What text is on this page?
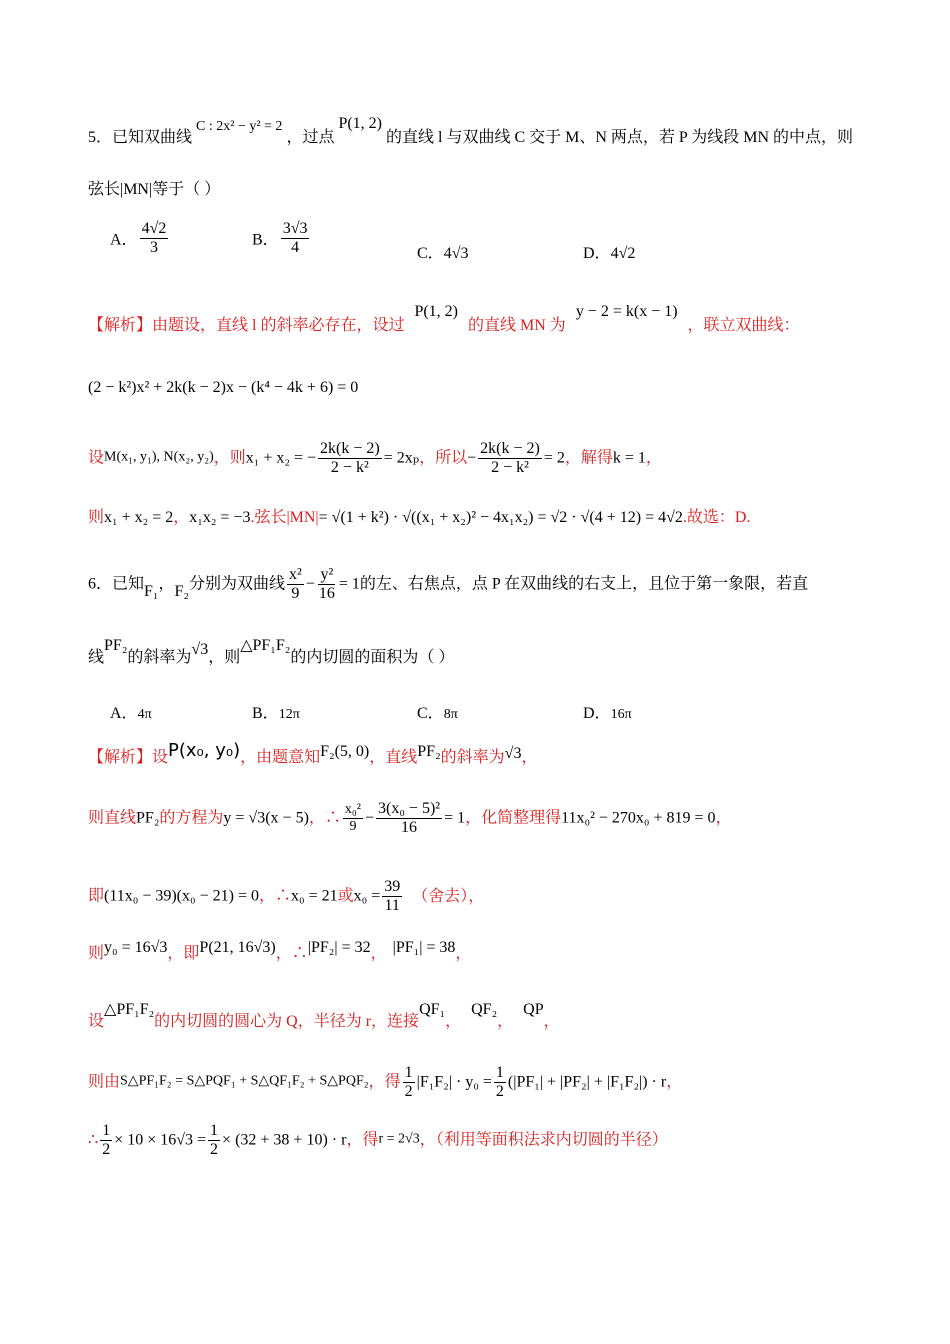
5．已知双曲线C : 2x² − y² = 2，过点P(1, 2)的直线 l 与双曲线 C 交于 M、N 两点，若 P 为线段 MN 的中点，则
弦长|MN|等于（ ）
A． $\frac{4√2}{3}$	B． $\frac{3√3}{4}$	C．4√3	D．4√2
【解析】由题设，直线 l 的斜率必存在，设过P(1, 2)的直线 MN 为y − 2 = k(x − 1)，联立双曲线：
(2 − k²)x² + 2k(k − 2)x − (k⁴ − 4k + 6) = 0
设M(x₁, y₁), N(x₂, y₂)，则x₁ + x₂ = − $\frac{2k(k - 2)}{\text{2 − k²}} = 2x_p$，所以− $\frac{2k(k - 2)}{\text{2 − k²}} = 2$，解得k = 1，
则x₁ + x₂ = 2，x₁x₂ = −3.弦长|MN|= √(1 + k²) · √((x₁ + x₂)² − 4x₁x₂) = √2 · √(4 + 12) = 4√2.故选：D.
6．已知F₁，F₂分别为双曲线 $\frac{\text{x²}}{9} - \frac{\text{y²}}{16} = 1$的左、右焦点，点 P 在双曲线的右支上，且位于第一象限，若直
线PF₂的斜率为√3，则△PF₁F₂的内切圆的面积为（ ）
A．4π	B．12π	C．8π	D．16π
【解析】设P(x₀, y₀)，由题意知F₂(5, 0)，直线PF₂的斜率为√3，
则直线PF₂的方程为y = √3(x − 5)，∴ $\frac{\text{x₀²}}{9} - \frac{\text{3(x₀ − 5)²}}{16} = 1$，化简整理得11x₀² − 270x₀ + 819 = 0，
即(11x₀ − 39)(x₀ − 21) = 0，∴x₀ = 21或$x_0 = \frac{39}{11}$ （舍去），
则y₀ = 16√3，即P(21, 16√3)，∴|PF₂| = 32， |PF₁| = 38，
设△PF₁F₂的内切圆的圆心为 Q，半径为 r，连接QF₁，QF₂，QP，
则由S△PF₁F₂ = S△PQF₁ + S△QF₁F₂ + S△PQF₂，得 $\frac{1}{2} |F_1F_2| \cdot y_0 = \frac{1}{2} (|PF_1| + |PF_2| + |F_1F_2|) \cdot r$，
∴ $\frac{1}{2} \times 10 \times 16√3 = \frac{1}{2} \times (32 + 38 + 10) \cdot r$，得r = 2√3，（利用等面积法求内切圆的半径）
